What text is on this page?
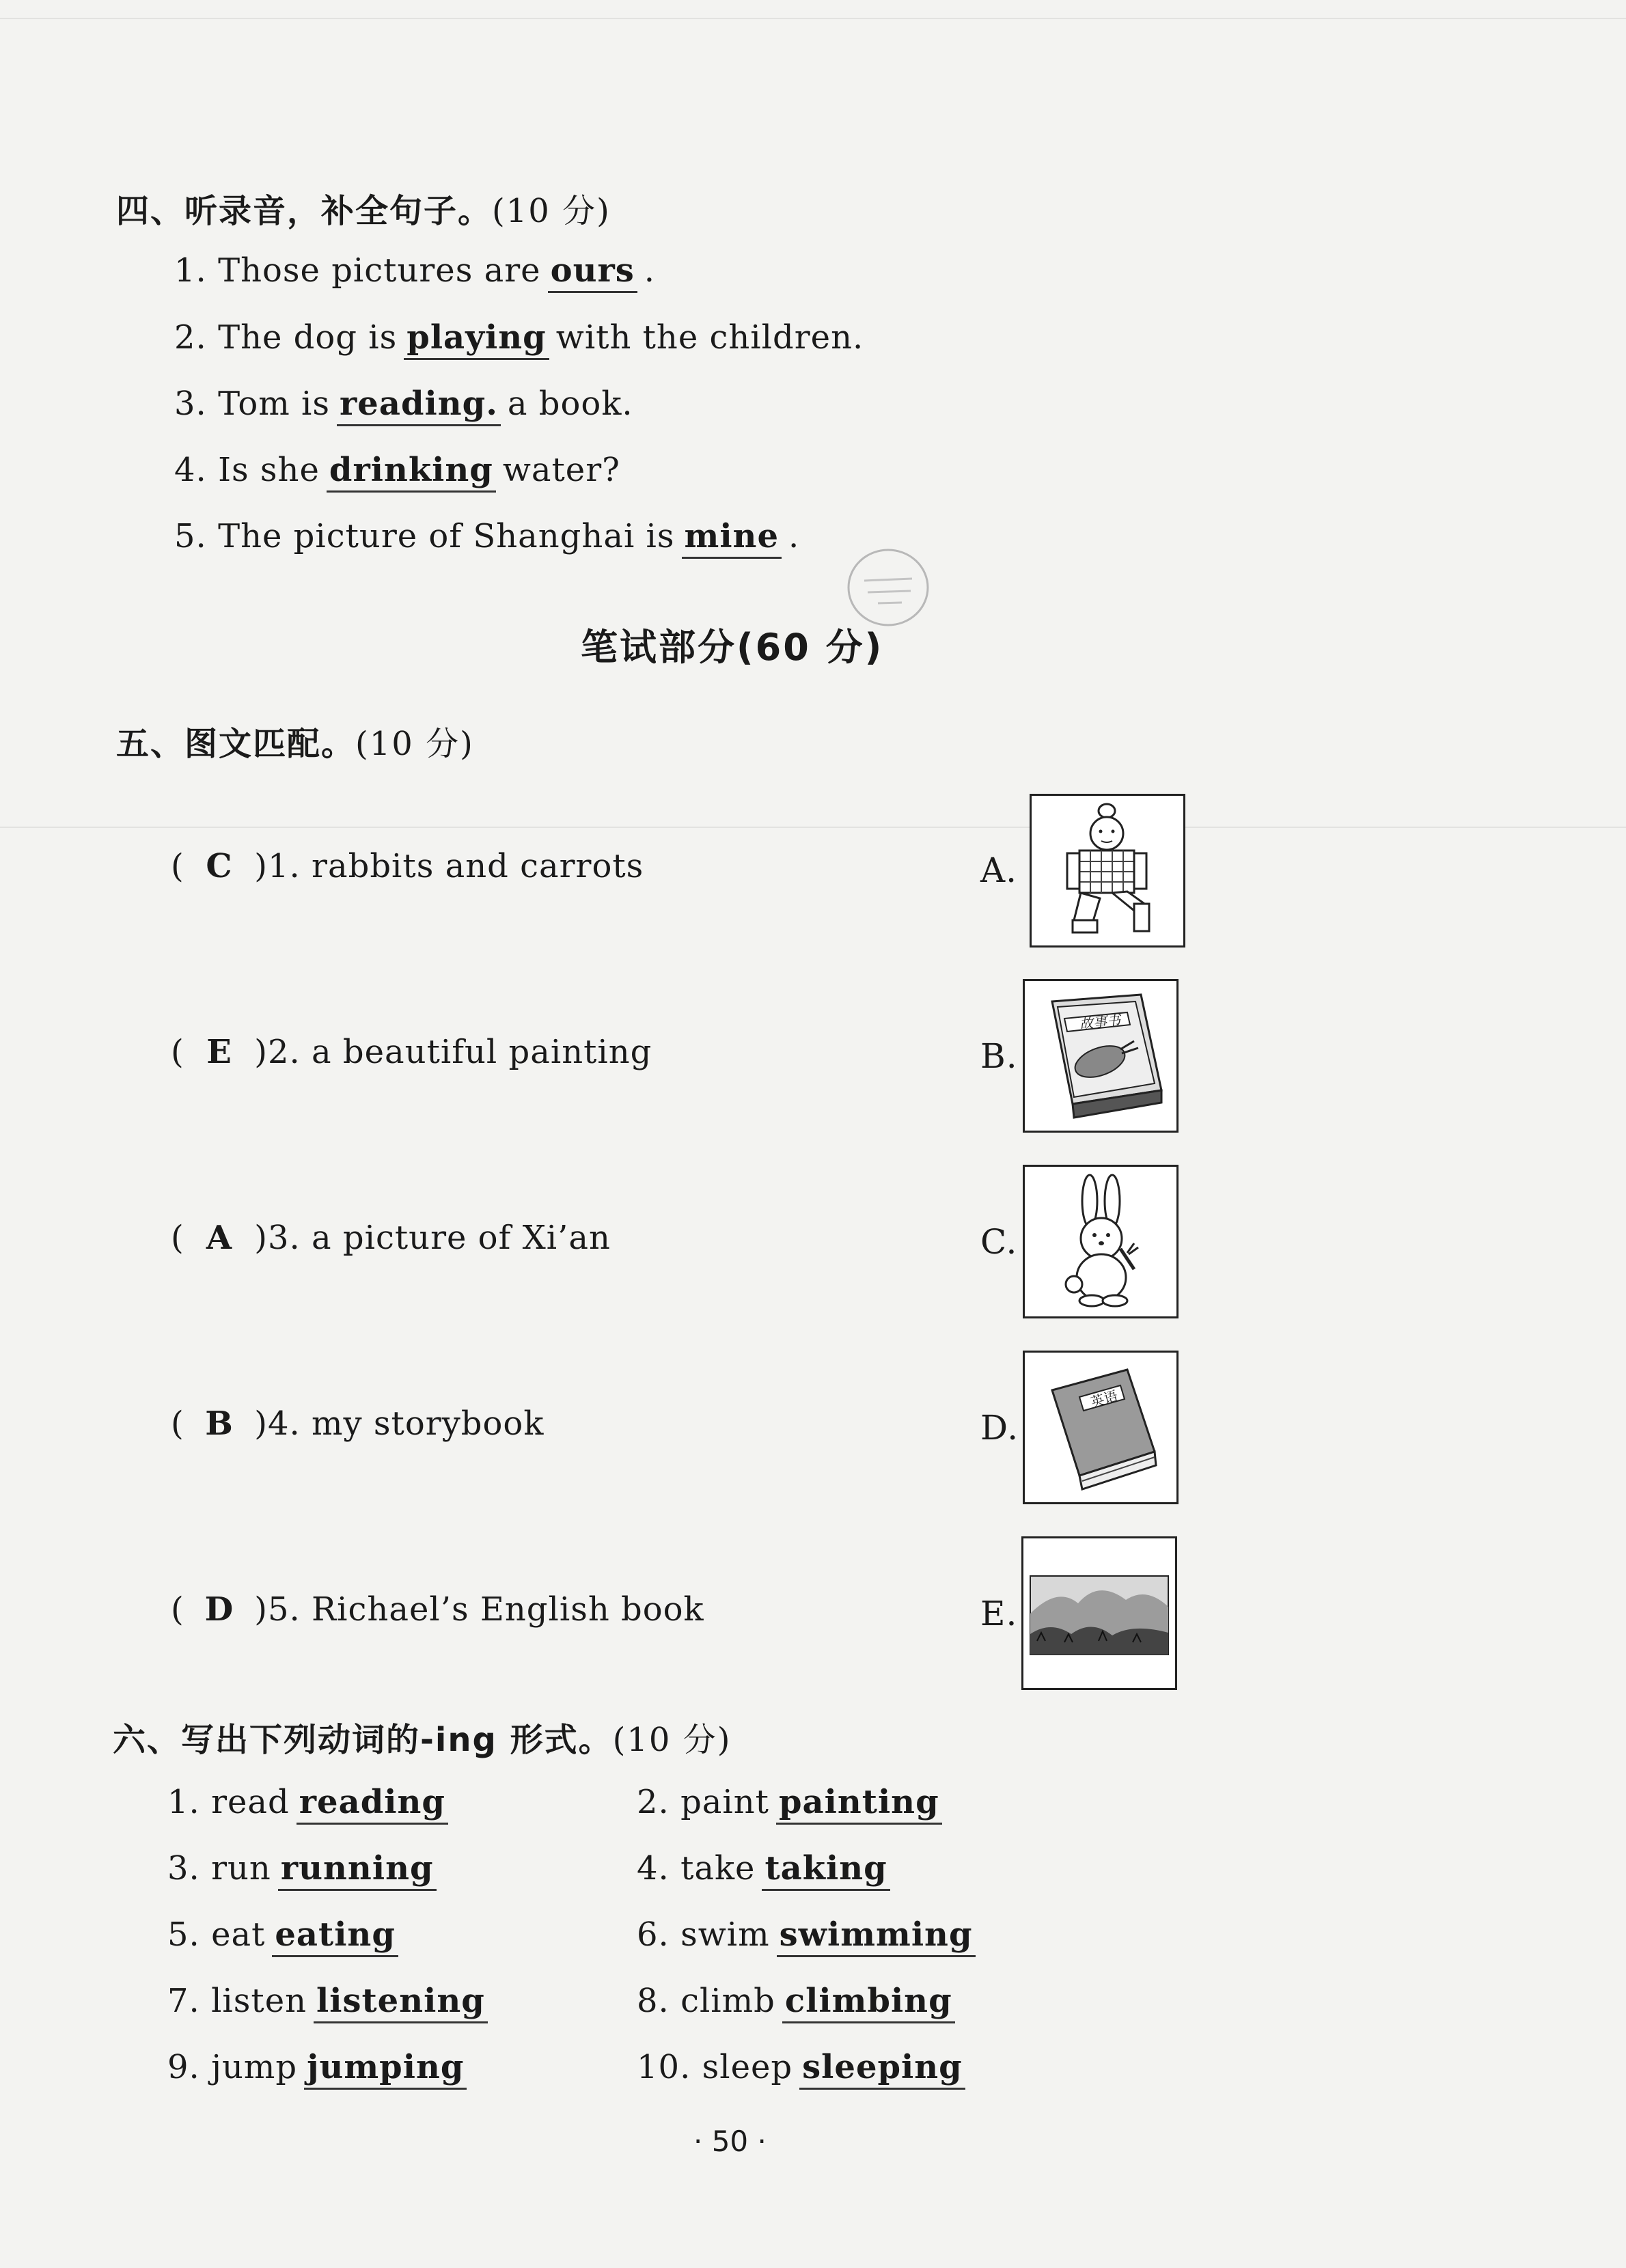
四、听录音，补全句子。(10 分)
1. Those pictures are ours .
2. The dog is playing with the children.
3. Tom is reading. a book.
4. Is she drinking water?
5. The picture of Shanghai is mine .
笔试部分(60 分)
五、图文匹配。(10 分)
( C )1. rabbits and carrots
( E )2. a beautiful painting
( A )3. a picture of Xi’an
( B )4. my storybook
( D )5. Richael’s English book
A.
B.
C.
D.
E.
故事书
英语
六、写出下列动词的-ing 形式。(10 分)
1. read reading	2. paint painting
3. run running	4. take taking
5. eat eating	6. swim swimming
7. listen listening	8. climb climbing
9. jump jumping	10. sleep sleeping
· 50 ·
